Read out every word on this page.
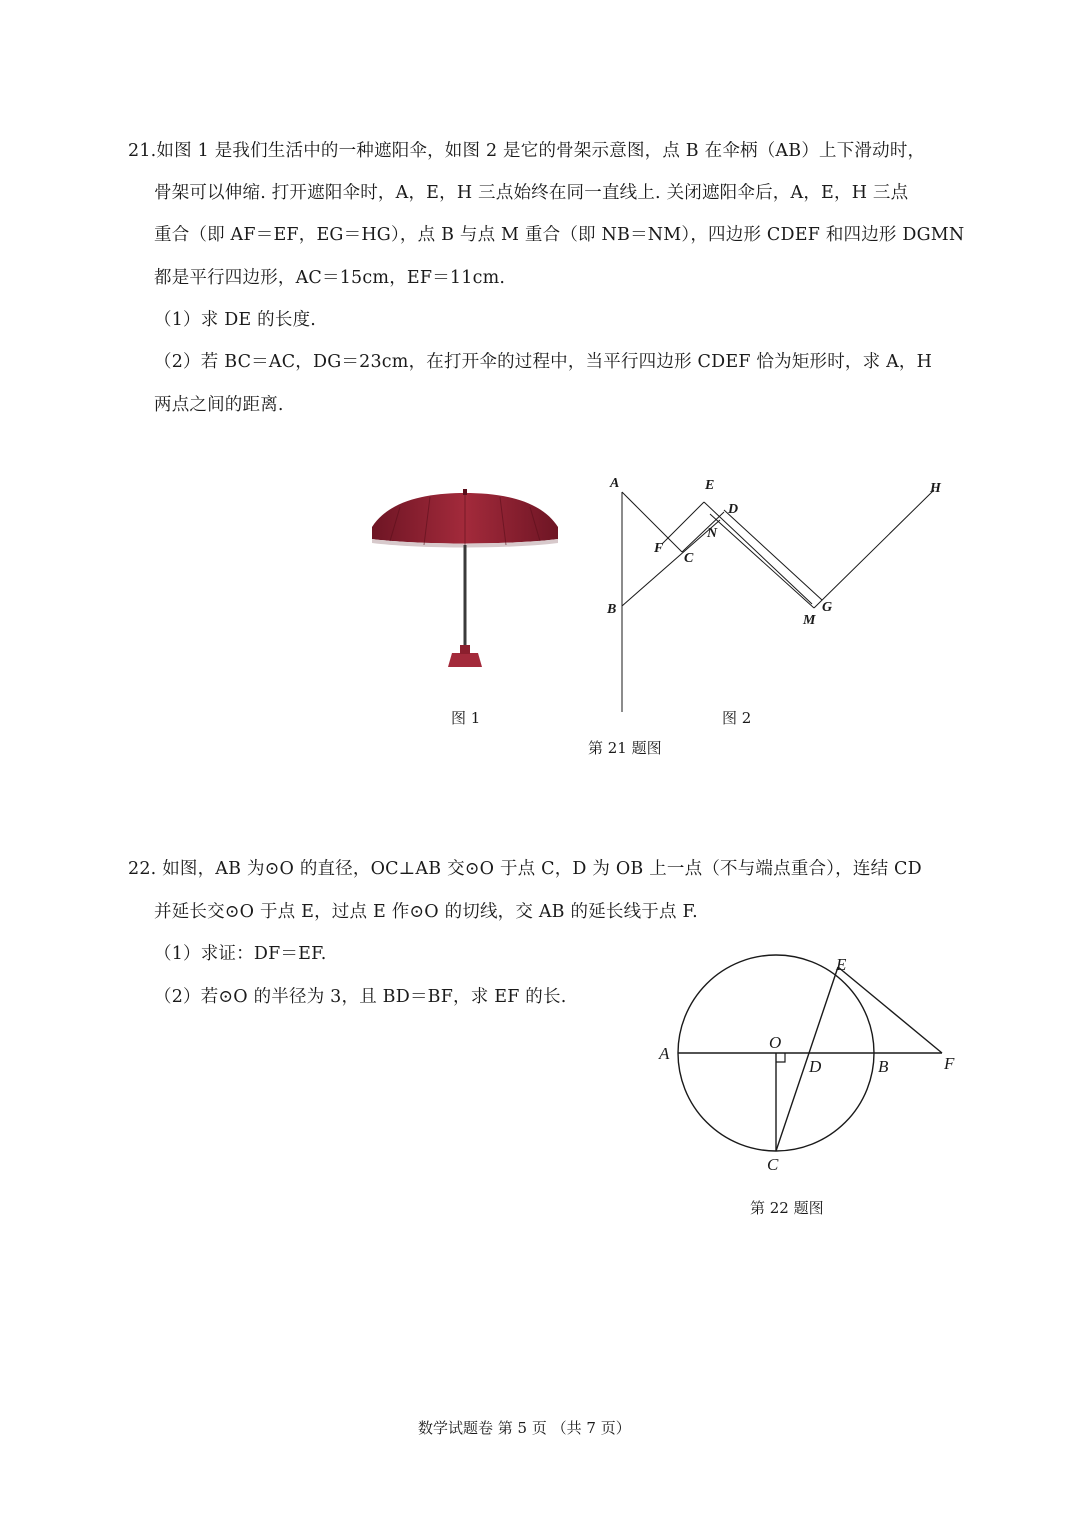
21.如图 1 是我们生活中的一种遮阳伞，如图 2 是它的骨架示意图，点 B 在伞柄（AB）上下滑动时，
骨架可以伸缩. 打开遮阳伞时，A，E，H 三点始终在同一直线上. 关闭遮阳伞后，A，E，H 三点
重合（即 AF＝EF，EG＝HG），点 B 与点 M 重合（即 NB＝NM），四边形 CDEF 和四边形 DGMN
都是平行四边形，AC＝15cm，EF＝11cm.
（1）求 DE 的长度.
（2）若 BC＝AC，DG＝23cm，在打开伞的过程中，当平行四边形 CDEF 恰为矩形时，求 A，H
两点之间的距离.
A	E
D
N
F
C
B
H
G
M
图 1	图 2
第 21 题图
22. 如图，AB 为⊙O 的直径，OC⊥AB 交⊙O 于点 C，D 为 OB 上一点（不与端点重合），连结 CD
并延长交⊙O 于点 E，过点 E 作⊙O 的切线，交 AB 的延长线于点 F.
（1）求证：DF＝EF.
（2）若⊙O 的半径为 3，且 BD＝BF，求 EF 的长.
E
A
O
D	B	F
C
第 22 题图
数学试题卷 第 5 页 （共 7 页）
